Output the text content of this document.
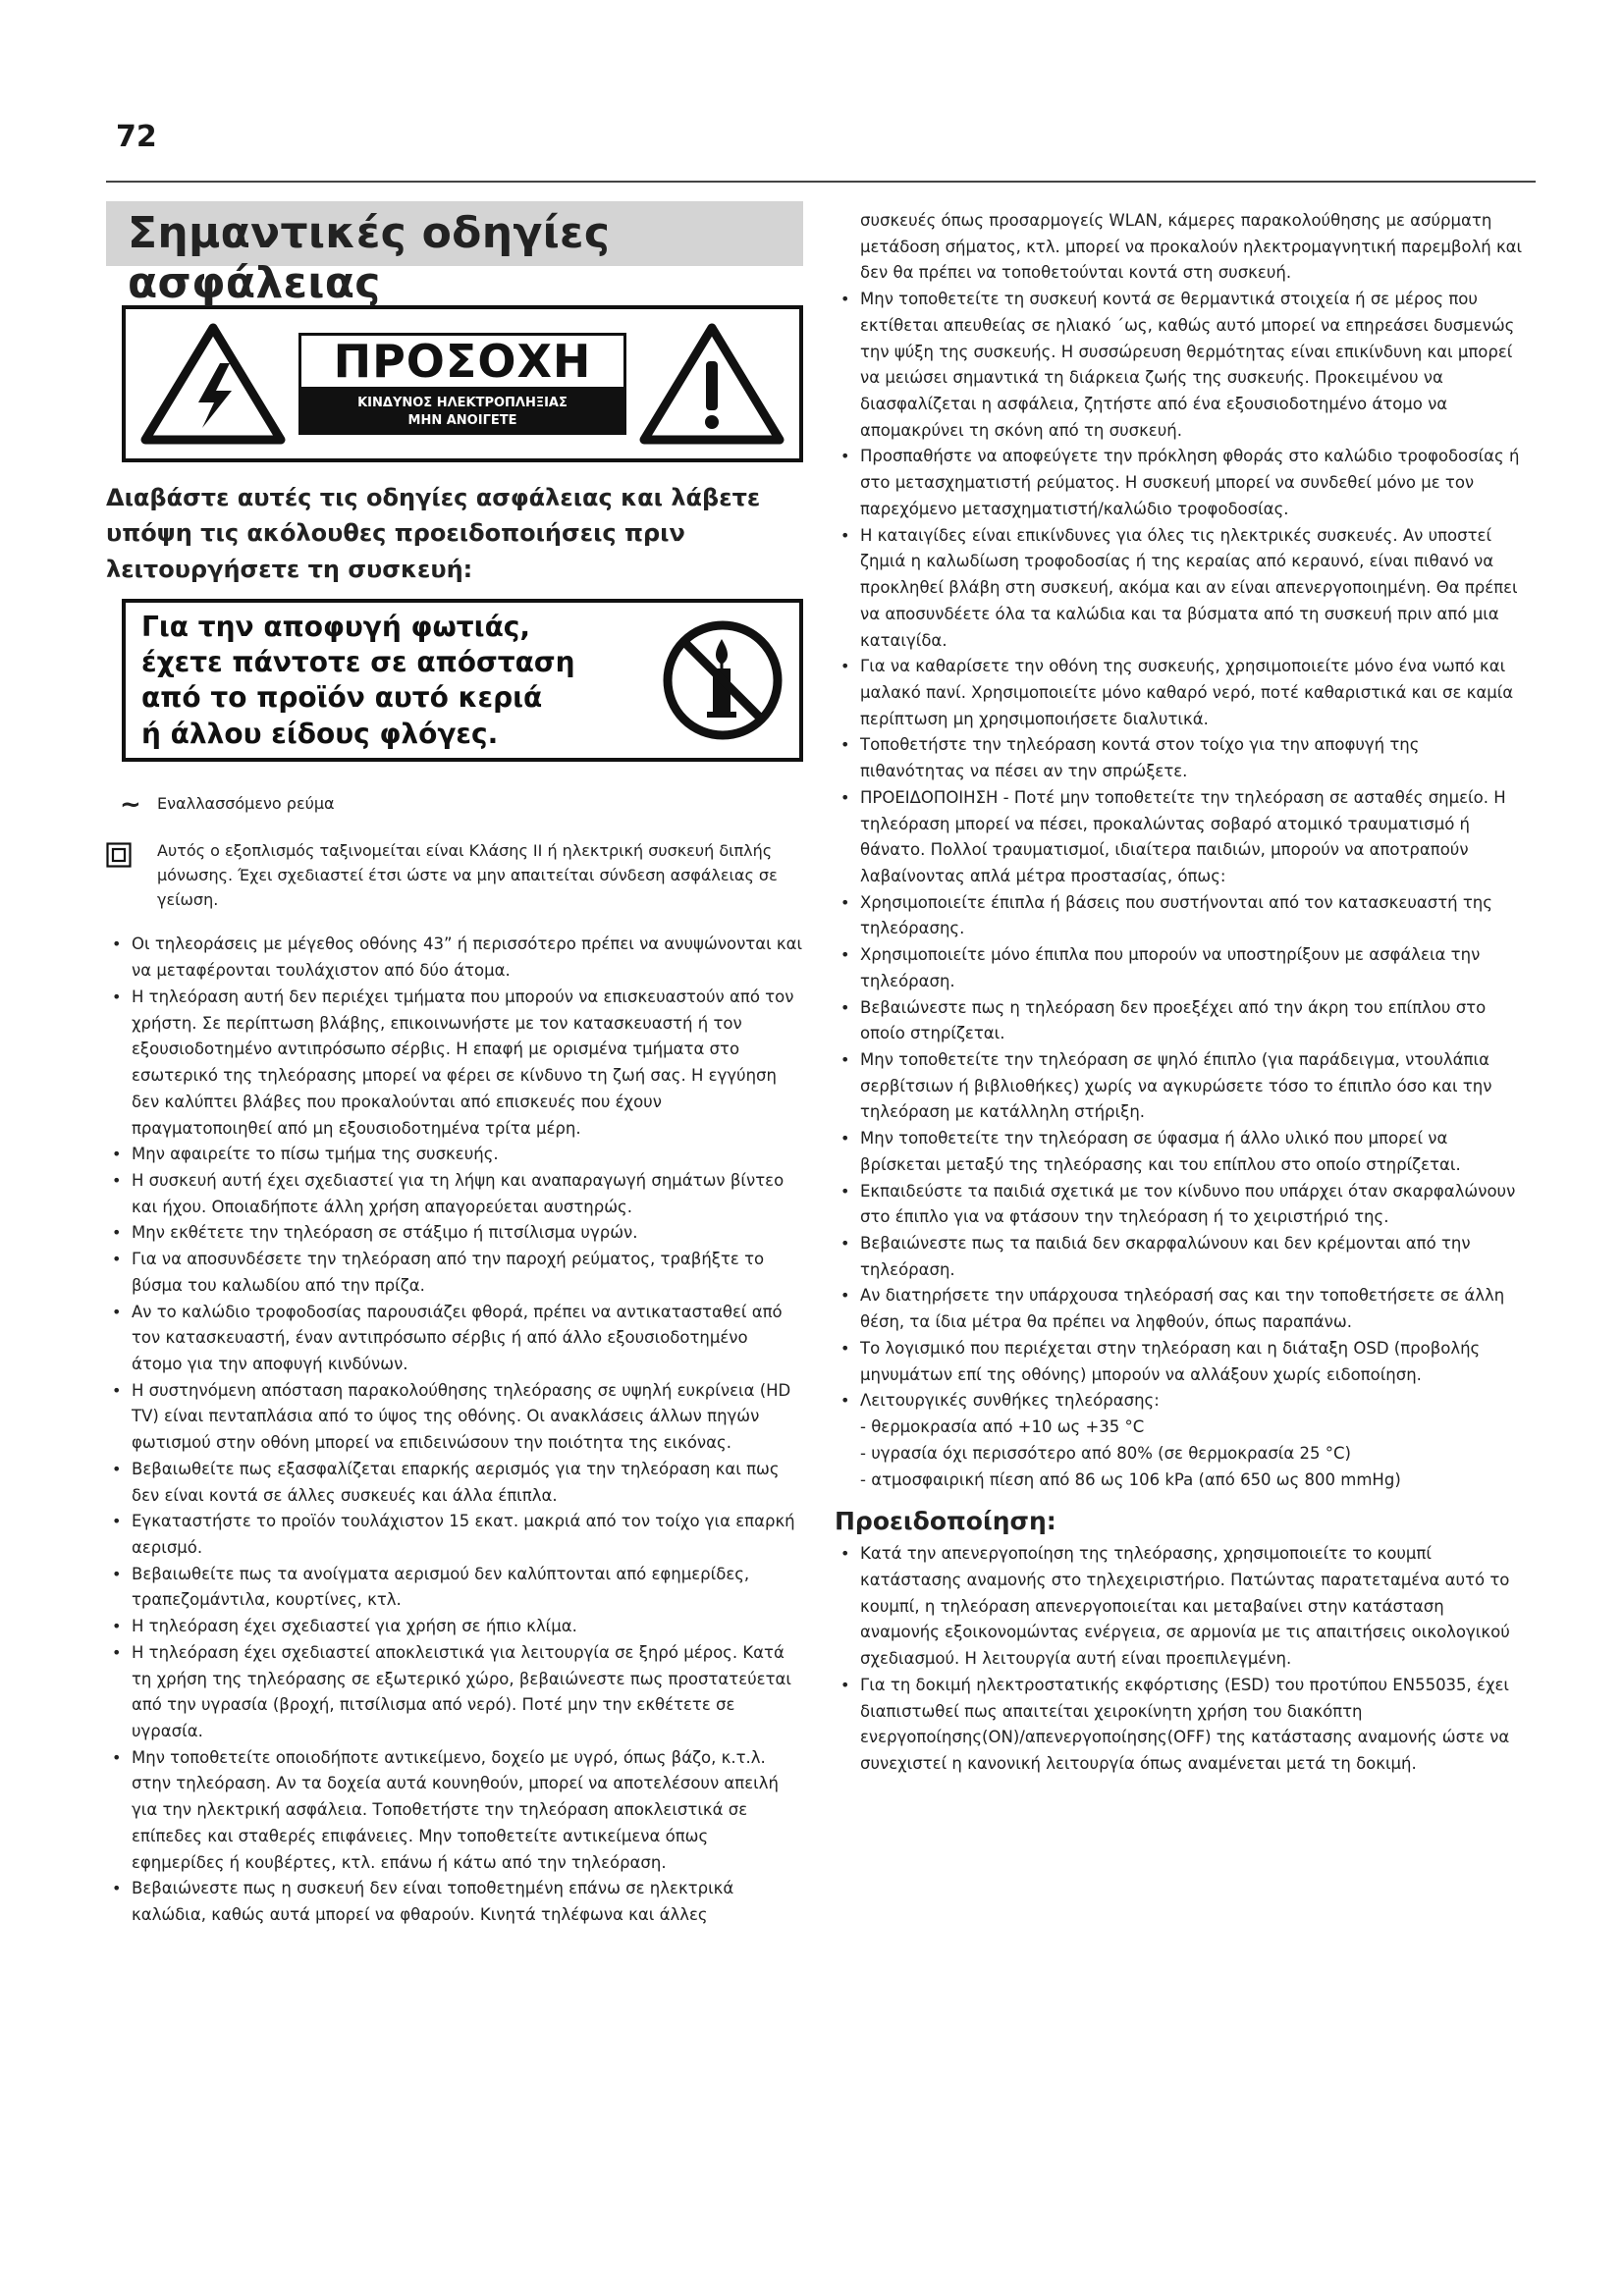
72
Σημαντικές οδηγίες ασφάλειας
ΠΡΟΣΟΧΗ
ΚΙΝΔΥΝΟΣ ΗΛΕΚΤΡΟΠΛΗΞΙΑΣ
ΜΗΝ ΑΝΟΙΓΕΤΕ
Διαβάστε αυτές τις οδηγίες ασφάλειας και λάβετε υπόψη τις ακόλουθες προειδοποιήσεις πριν λειτουργήσετε τη συσκευή:
Για την αποφυγή φωτιάς,
έχετε πάντοτε σε απόσταση
από το προϊόν αυτό κεριά
ή άλλου είδους φλόγες.
~ Εναλλασσόμενο ρεύμα
Αυτός ο εξοπλισμός ταξινομείται είναι Κλάσης II ή ηλεκτρική συσκευή διπλής μόνωσης. Έχει σχεδιαστεί έτσι ώστε να μην απαιτείται σύνδεση ασφάλειας σε γείωση.
• Οι τηλεοράσεις με μέγεθος οθόνης 43” ή περισσότερο πρέπει να ανυψώνονται και να μεταφέρονται τουλάχιστον από δύο άτομα.
• Η τηλεόραση αυτή δεν περιέχει τμήματα που μπορούν να επισκευαστούν από τον χρήστη. Σε περίπτωση βλάβης, επικοινωνήστε με τον κατασκευαστή ή τον εξουσιοδοτημένο αντιπρόσωπο σέρβις. Η επαφή με ορισμένα τμήματα στο εσωτερικό της τηλεόρασης μπορεί να φέρει σε κίνδυνο τη ζωή σας. Η εγγύηση δεν καλύπτει βλάβες που προκαλούνται από επισκευές που έχουν πραγματοποιηθεί από μη εξουσιοδοτημένα τρίτα μέρη.
• Μην αφαιρείτε το πίσω τμήμα της συσκευής.
• Η συσκευή αυτή έχει σχεδιαστεί για τη λήψη και αναπαραγωγή σημάτων βίντεο και ήχου. Οποιαδήποτε άλλη χρήση απαγορεύεται αυστηρώς.
• Μην εκθέτετε την τηλεόραση σε στάξιμο ή πιτσίλισμα υγρών.
• Για να αποσυνδέσετε την τηλεόραση από την παροχή ρεύματος, τραβήξτε το βύσμα του καλωδίου από την πρίζα.
• Αν το καλώδιο τροφοδοσίας παρουσιάζει φθορά, πρέπει να αντικατασταθεί από τον κατασκευαστή, έναν αντιπρόσωπο σέρβις ή από άλλο εξουσιοδοτημένο άτομο για την αποφυγή κινδύνων.
• Η συστηνόμενη απόσταση παρακολούθησης τηλεόρασης σε υψηλή ευκρίνεια (HD TV) είναι πενταπλάσια από το ύψος της οθόνης. Οι ανακλάσεις άλλων πηγών φωτισμού στην οθόνη μπορεί να επιδεινώσουν την ποιότητα της εικόνας.
• Βεβαιωθείτε πως εξασφαλίζεται επαρκής αερισμός για την τηλεόραση και πως δεν είναι κοντά σε άλλες συσκευές και άλλα έπιπλα.
• Εγκαταστήστε το προϊόν τουλάχιστον 15 εκατ. μακριά από τον τοίχο για επαρκή αερισμό.
• Βεβαιωθείτε πως τα ανοίγματα αερισμού δεν καλύπτονται από εφημερίδες, τραπεζομάντιλα, κουρτίνες, κτλ.
• Η τηλεόραση έχει σχεδιαστεί για χρήση σε ήπιο κλίμα.
• Η τηλεόραση έχει σχεδιαστεί αποκλειστικά για λειτουργία σε ξηρό μέρος. Κατά τη χρήση της τηλεόρασης σε εξωτερικό χώρο, βεβαιώνεστε πως προστατεύεται από την υγρασία (βροχή, πιτσίλισμα από νερό). Ποτέ μην την εκθέτετε σε υγρασία.
• Μην τοποθετείτε οποιοδήποτε αντικείμενο, δοχείο με υγρό, όπως βάζο, κ.τ.λ. στην τηλεόραση. Αν τα δοχεία αυτά κουνηθούν, μπορεί να αποτελέσουν απειλή για την ηλεκτρική ασφάλεια. Τοποθετήστε την τηλεόραση αποκλειστικά σε επίπεδες και σταθερές επιφάνειες. Μην τοποθετείτε αντικείμενα όπως εφημερίδες ή κουβέρτες, κτλ. επάνω ή κάτω από την τηλεόραση.
• Βεβαιώνεστε πως η συσκευή δεν είναι τοποθετημένη επάνω σε ηλεκτρικά καλώδια, καθώς αυτά μπορεί να φθαρούν. Κινητά τηλέφωνα και άλλες
συσκευές όπως προσαρμογείς WLAN, κάμερες παρακολούθησης με ασύρματη μετάδοση σήματος, κτλ. μπορεί να προκαλούν ηλεκτρομαγνητική παρεμβολή και δεν θα πρέπει να τοποθετούνται κοντά στη συσκευή.
• Μην τοποθετείτε τη συσκευή κοντά σε θερμαντικά στοιχεία ή σε μέρος που εκτίθεται απευθείας σε ηλιακό ΄ως, καθώς αυτό μπορεί να επηρεάσει δυσμενώς την ψύξη της συσκευής. Η συσσώρευση θερμότητας είναι επικίνδυνη και μπορεί να μειώσει σημαντικά τη διάρκεια ζωής της συσκευής. Προκειμένου να διασφαλίζεται η ασφάλεια, ζητήστε από ένα εξουσιοδοτημένο άτομο να απομακρύνει τη σκόνη από τη συσκευή.
• Προσπαθήστε να αποφεύγετε την πρόκληση φθοράς στο καλώδιο τροφοδοσίας ή στο μετασχηματιστή ρεύματος. Η συσκευή μπορεί να συνδεθεί μόνο με τον παρεχόμενο μετασχηματιστή/καλώδιο τροφοδοσίας.
• Η καταιγίδες είναι επικίνδυνες για όλες τις ηλεκτρικές συσκευές. Αν υποστεί ζημιά η καλωδίωση τροφοδοσίας ή της κεραίας από κεραυνό, είναι πιθανό να προκληθεί βλάβη στη συσκευή, ακόμα και αν είναι απενεργοποιημένη. Θα πρέπει να αποσυνδέετε όλα τα καλώδια και τα βύσματα από τη συσκευή πριν από μια καταιγίδα.
• Για να καθαρίσετε την οθόνη της συσκευής, χρησιμοποιείτε μόνο ένα νωπό και μαλακό πανί. Χρησιμοποιείτε μόνο καθαρό νερό, ποτέ καθαριστικά και σε καμία περίπτωση μη χρησιμοποιήσετε διαλυτικά.
• Τοποθετήστε την τηλεόραση κοντά στον τοίχο για την αποφυγή της πιθανότητας να πέσει αν την σπρώξετε.
• ΠΡΟΕΙΔΟΠΟΙΗΣΗ - Ποτέ μην τοποθετείτε την τηλεόραση σε ασταθές σημείο. Η τηλεόραση μπορεί να πέσει, προκαλώντας σοβαρό ατομικό τραυματισμό ή θάνατο. Πολλοί τραυματισμοί, ιδιαίτερα παιδιών, μπορούν να αποτραπούν λαβαίνοντας απλά μέτρα προστασίας, όπως:
• Χρησιμοποιείτε έπιπλα ή βάσεις που συστήνονται από τον κατασκευαστή της τηλεόρασης.
• Χρησιμοποιείτε μόνο έπιπλα που μπορούν να υποστηρίξουν με ασφάλεια την τηλεόραση.
• Βεβαιώνεστε πως η τηλεόραση δεν προεξέχει από την άκρη του επίπλου στο οποίο στηρίζεται.
• Μην τοποθετείτε την τηλεόραση σε ψηλό έπιπλο (για παράδειγμα, ντουλάπια σερβίτσιων ή βιβλιοθήκες) χωρίς να αγκυρώσετε τόσο το έπιπλο όσο και την τηλεόραση με κατάλληλη στήριξη.
• Μην τοποθετείτε την τηλεόραση σε ύφασμα ή άλλο υλικό που μπορεί να βρίσκεται μεταξύ της τηλεόρασης και του επίπλου στο οποίο στηρίζεται.
• Εκπαιδεύστε τα παιδιά σχετικά με τον κίνδυνο που υπάρχει όταν σκαρφαλώνουν στο έπιπλο για να φτάσουν την τηλεόραση ή το χειριστήριό της.
• Βεβαιώνεστε πως τα παιδιά δεν σκαρφαλώνουν και δεν κρέμονται από την τηλεόραση.
• Αν διατηρήσετε την υπάρχουσα τηλεόρασή σας και την τοποθετήσετε σε άλλη θέση, τα ίδια μέτρα θα πρέπει να ληφθούν, όπως παραπάνω.
• Το λογισμικό που περιέχεται στην τηλεόραση και η διάταξη OSD (προβολής μηνυμάτων επί της οθόνης) μπορούν να αλλάξουν χωρίς ειδοποίηση.
• Λειτουργικές συνθήκες τηλεόρασης:
- θερμοκρασία από +10 ως +35 °C
- υγρασία όχι περισσότερο από 80% (σε θερμοκρασία 25 °C)
- ατμοσφαιρική πίεση από 86 ως 106 kPa (από 650 ως 800 mmHg)
Προειδοποίηση:
• Κατά την απενεργοποίηση της τηλεόρασης, χρησιμοποιείτε το κουμπί κατάστασης αναμονής στο τηλεχειριστήριο. Πατώντας παρατεταμένα αυτό το κουμπί, η τηλεόραση απενεργοποιείται και μεταβαίνει στην κατάσταση αναμονής εξοικονομώντας ενέργεια, σε αρμονία με τις απαιτήσεις οικολογικού σχεδιασμού. Η λειτουργία αυτή είναι προεπιλεγμένη.
• Για τη δοκιμή ηλεκτροστατικής εκφόρτισης (ESD) του προτύπου EN55035, έχει διαπιστωθεί πως απαιτείται χειροκίνητη χρήση του διακόπτη ενεργοποίησης(ON)/απενεργοποίησης(OFF) της κατάστασης αναμονής ώστε να συνεχιστεί η κανονική λειτουργία όπως αναμένεται μετά τη δοκιμή.
